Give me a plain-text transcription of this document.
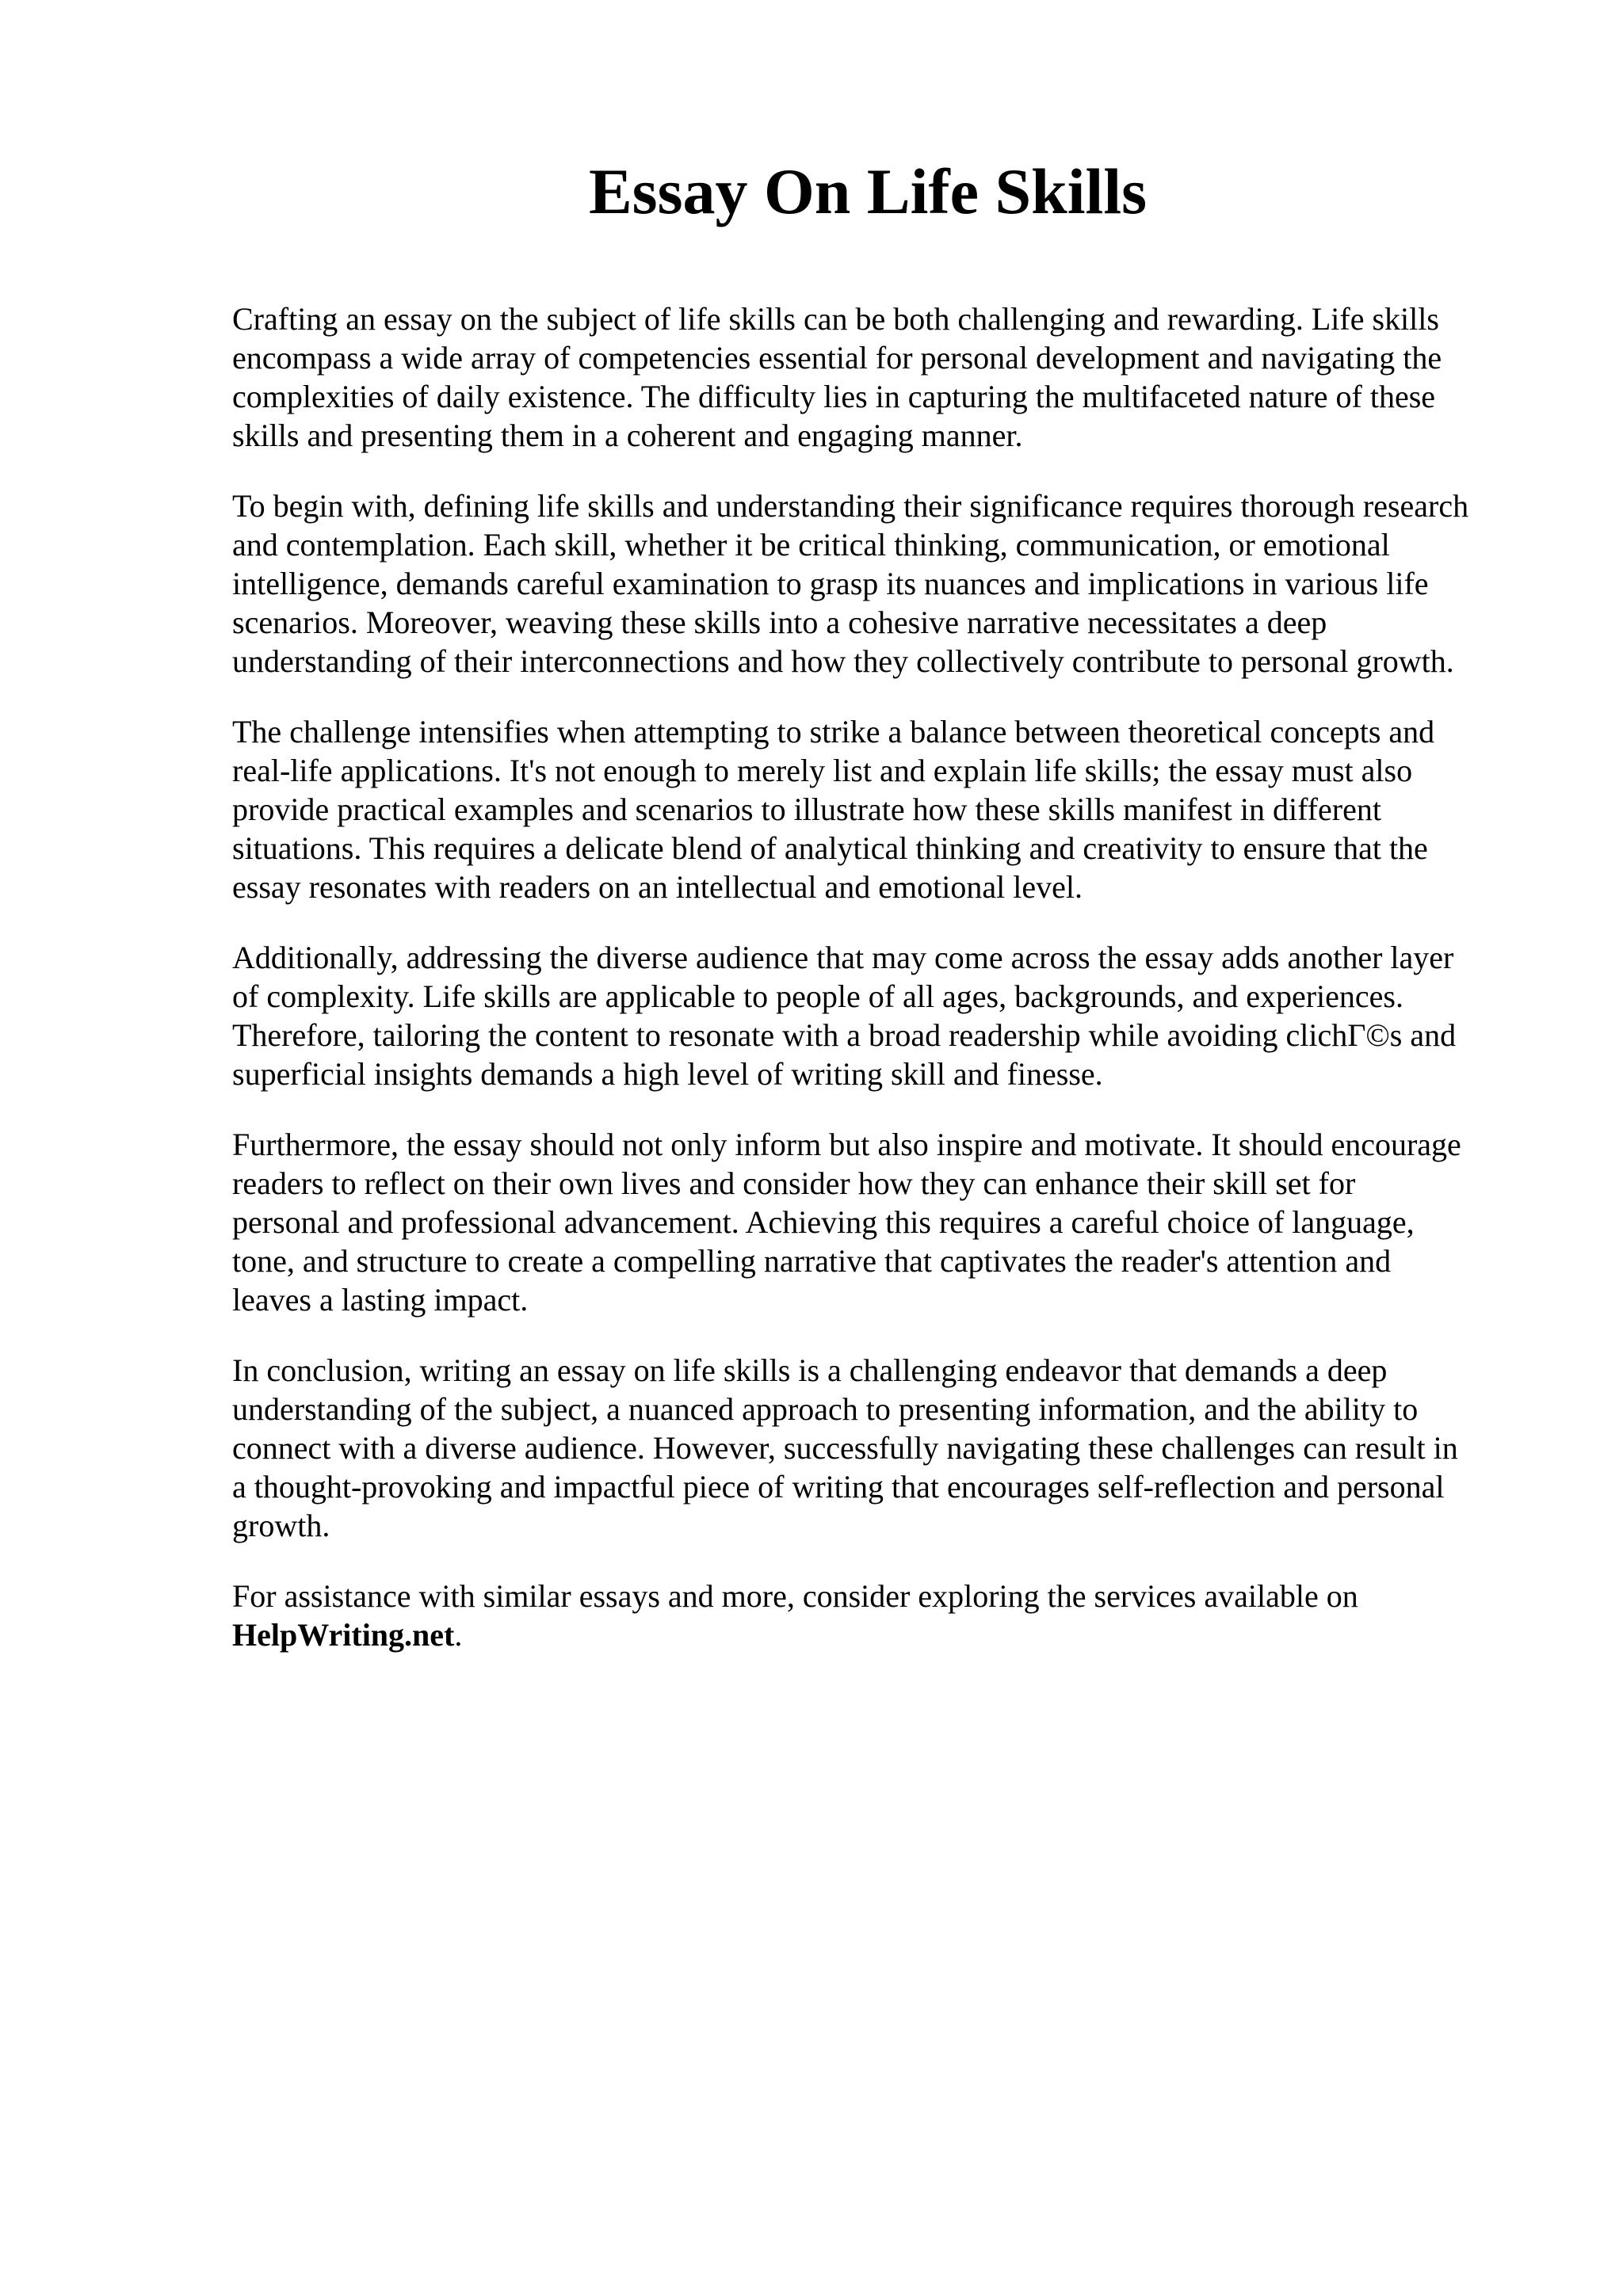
Essay On Life Skills

Crafting an essay on the subject of life skills can be both challenging and rewarding. Life skills
encompass a wide array of competencies essential for personal development and navigating the
complexities of daily existence. The difficulty lies in capturing the multifaceted nature of these
skills and presenting them in a coherent and engaging manner.

To begin with, defining life skills and understanding their significance requires thorough research
and contemplation. Each skill, whether it be critical thinking, communication, or emotional
intelligence, demands careful examination to grasp its nuances and implications in various life
scenarios. Moreover, weaving these skills into a cohesive narrative necessitates a deep
understanding of their interconnections and how they collectively contribute to personal growth.

The challenge intensifies when attempting to strike a balance between theoretical concepts and
real-life applications. It's not enough to merely list and explain life skills; the essay must also
provide practical examples and scenarios to illustrate how these skills manifest in different
situations. This requires a delicate blend of analytical thinking and creativity to ensure that the
essay resonates with readers on an intellectual and emotional level.

Additionally, addressing the diverse audience that may come across the essay adds another layer
of complexity. Life skills are applicable to people of all ages, backgrounds, and experiences.
Therefore, tailoring the content to resonate with a broad readership while avoiding clichΓ©s and
superficial insights demands a high level of writing skill and finesse.

Furthermore, the essay should not only inform but also inspire and motivate. It should encourage
readers to reflect on their own lives and consider how they can enhance their skill set for
personal and professional advancement. Achieving this requires a careful choice of language,
tone, and structure to create a compelling narrative that captivates the reader's attention and
leaves a lasting impact.

In conclusion, writing an essay on life skills is a challenging endeavor that demands a deep
understanding of the subject, a nuanced approach to presenting information, and the ability to
connect with a diverse audience. However, successfully navigating these challenges can result in
a thought-provoking and impactful piece of writing that encourages self-reflection and personal
growth.

For assistance with similar essays and more, consider exploring the services available on
HelpWriting.net.
